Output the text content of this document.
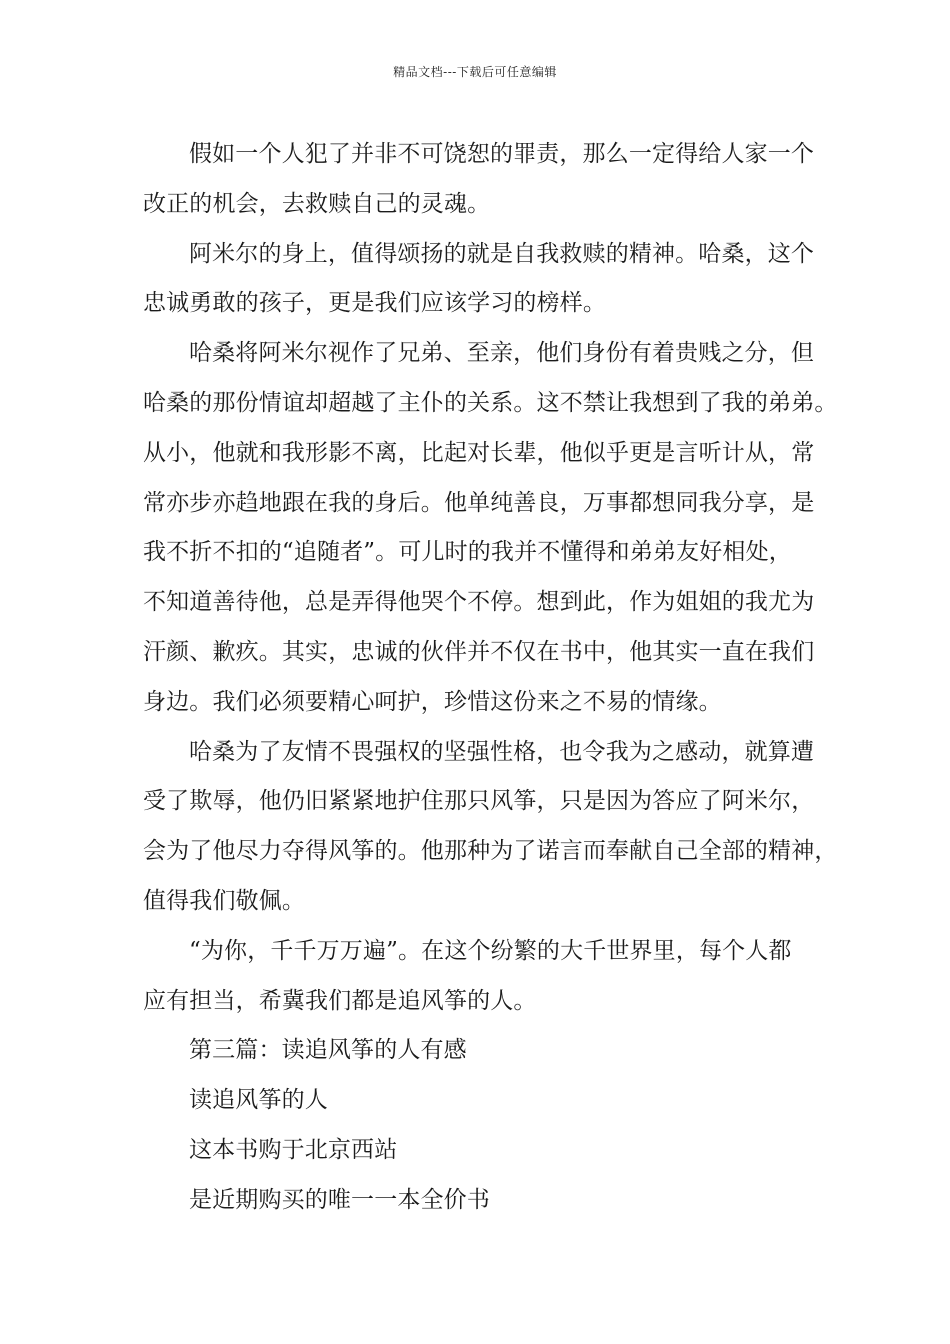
精品文档---下载后可任意编辑
假如一个人犯了并非不可饶恕的罪责，那么一定得给人家一个
改正的机会，去救赎自己的灵魂。
阿米尔的身上，值得颂扬的就是自我救赎的精神。哈桑，这个
忠诚勇敢的孩子，更是我们应该学习的榜样。
哈桑将阿米尔视作了兄弟、至亲，他们身份有着贵贱之分，但
哈桑的那份情谊却超越了主仆的关系。这不禁让我想到了我的弟弟。
从小，他就和我形影不离，比起对长辈，他似乎更是言听计从，常
常亦步亦趋地跟在我的身后。他单纯善良，万事都想同我分享，是
我不折不扣的“追随者”。可儿时的我并不懂得和弟弟友好相处，
不知道善待他，总是弄得他哭个不停。想到此，作为姐姐的我尤为
汗颜、歉疚。其实，忠诚的伙伴并不仅在书中，他其实一直在我们
身边。我们必须要精心呵护，珍惜这份来之不易的情缘。
哈桑为了友情不畏强权的坚强性格，也令我为之感动，就算遭
受了欺辱，他仍旧紧紧地护住那只风筝，只是因为答应了阿米尔，
会为了他尽力夺得风筝的。他那种为了诺言而奉献自己全部的精神，
值得我们敬佩。
“为你，千千万万遍”。在这个纷繁的大千世界里，每个人都
应有担当，希冀我们都是追风筝的人。
第三篇：读追风筝的人有感
读追风筝的人
这本书购于北京西站
是近期购买的唯一一本全价书
